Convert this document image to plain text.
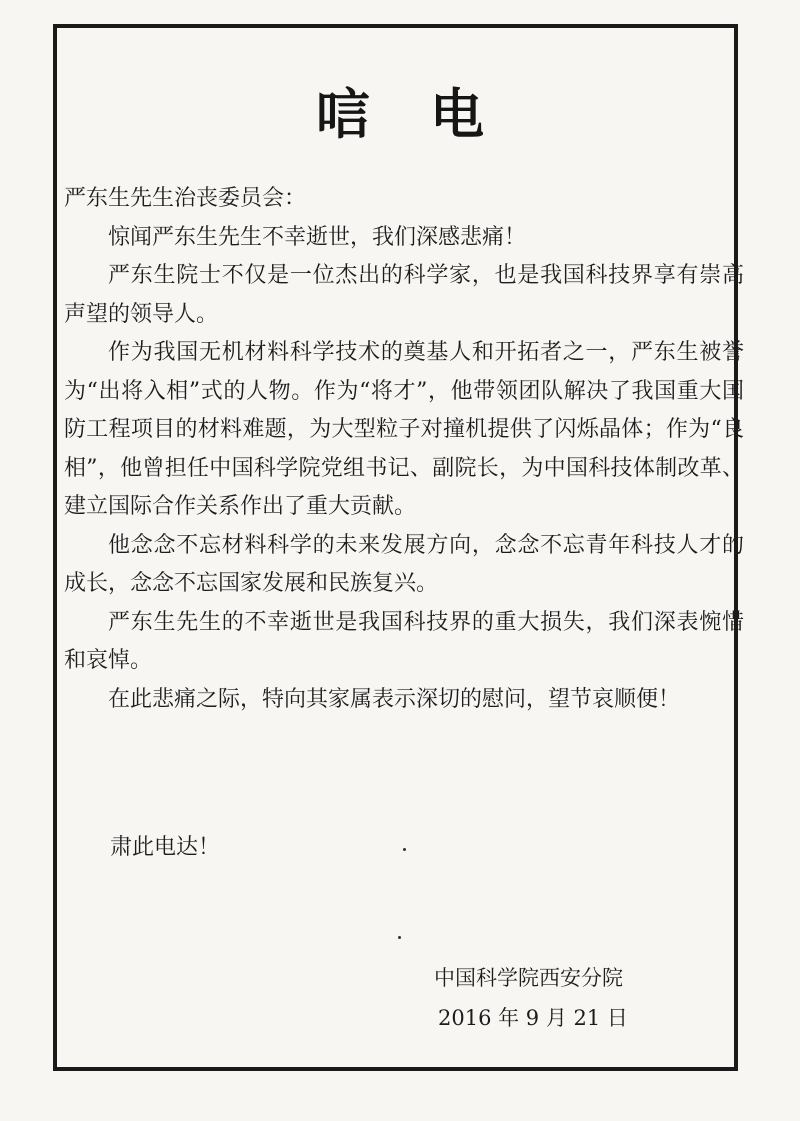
唁电

严东生先生治丧委员会：

惊闻严东生先生不幸逝世，我们深感悲痛！

严东生院士不仅是一位杰出的科学家，也是我国科技界享有崇高声望的领导人。

作为我国无机材料科学技术的奠基人和开拓者之一，严东生被誉为“出将入相”式的人物。作为“将才”，他带领团队解决了我国重大国防工程项目的材料难题，为大型粒子对撞机提供了闪烁晶体；作为“良相”，他曾担任中国科学院党组书记、副院长，为中国科技体制改革、建立国际合作关系作出了重大贡献。

他念念不忘材料科学的未来发展方向，念念不忘青年科技人才的成长，念念不忘国家发展和民族复兴。

严东生先生的不幸逝世是我国科技界的重大损失，我们深表惋惜和哀悼。

在此悲痛之际，特向其家属表示深切的慰问，望节哀顺便！

肃此电达！
中国科学院西安分院
2016 年 9 月 21 日
